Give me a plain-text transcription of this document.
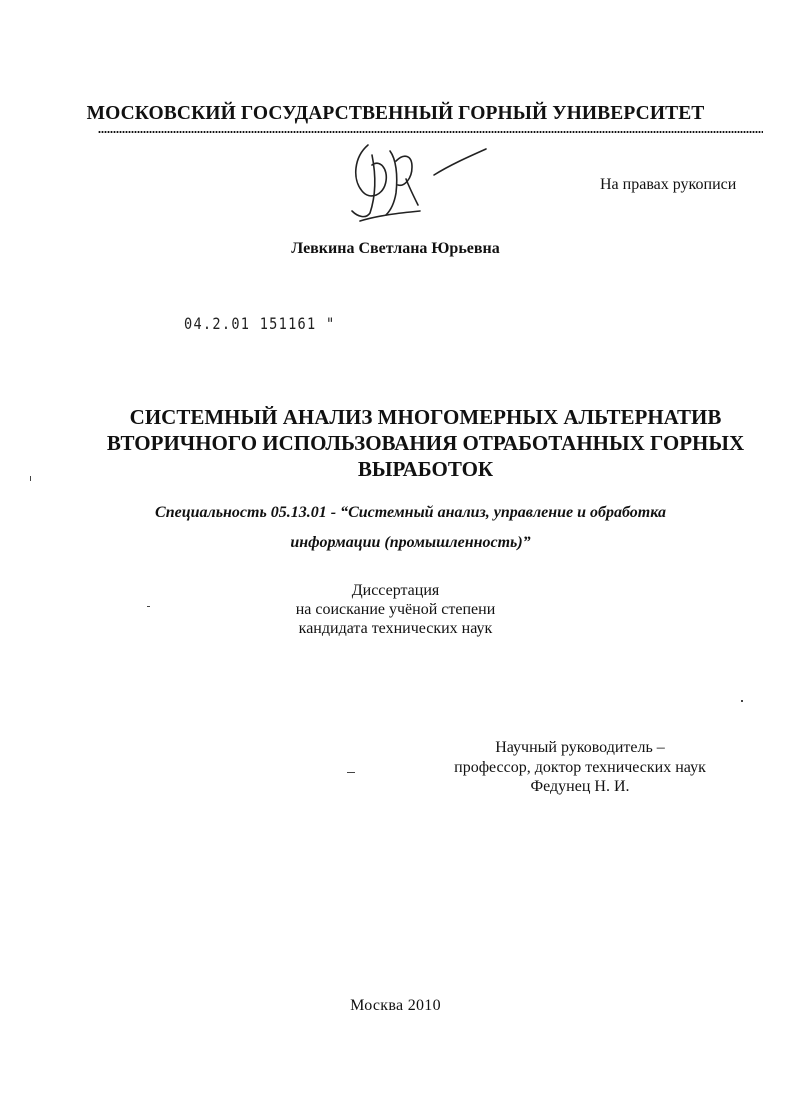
МОСКОВСКИЙ ГОСУДАРСТВЕННЫЙ ГОРНЫЙ УНИВЕРСИТЕТ
На правах рукописи
Левкина Светлана Юрьевна
04.2.01 151161 "
СИСТЕМНЫЙ АНАЛИЗ МНОГОМЕРНЫХ АЛЬТЕРНАТИВ
ВТОРИЧНОГО ИСПОЛЬЗОВАНИЯ ОТРАБОТАННЫХ ГОРНЫХ
ВЫРАБОТОК
Специальность 05.13.01 - “Системный анализ, управление и обработка
информации (промышленность)”
Диссертация
на соискание учёной степени
кандидата технических наук
Научный руководитель –
профессор, доктор технических наук
Федунец Н. И.
Москва 2010
